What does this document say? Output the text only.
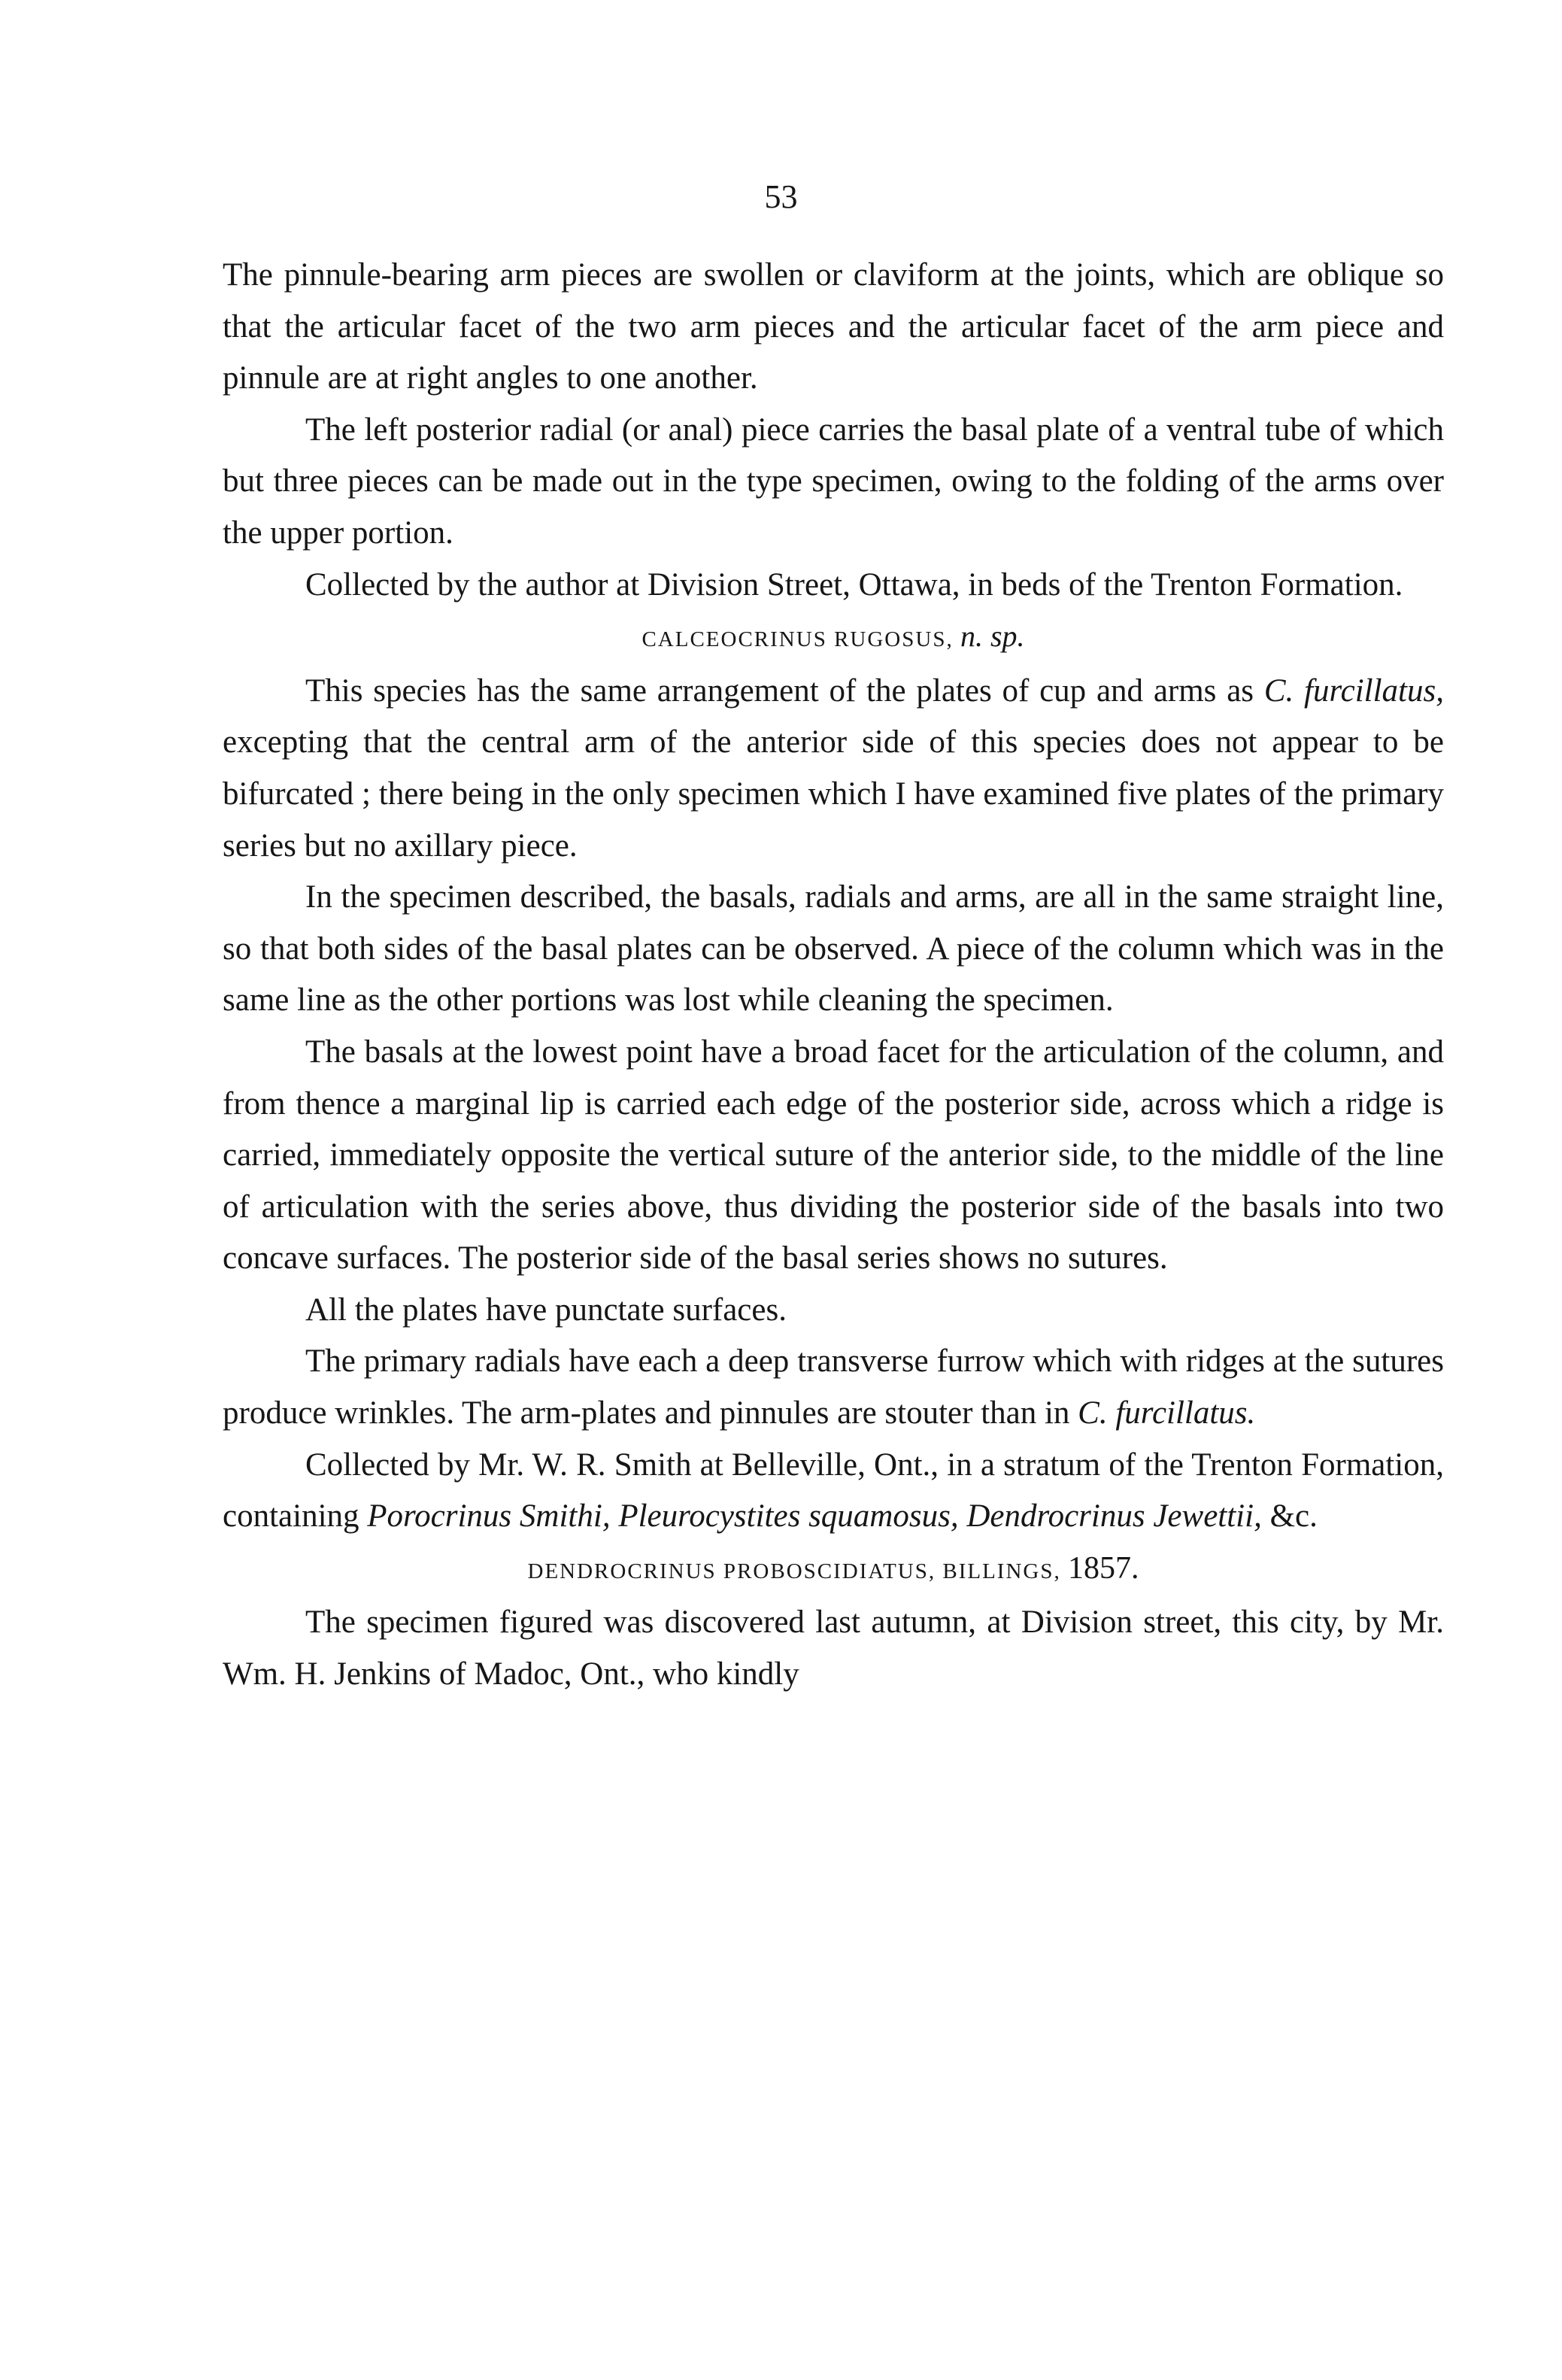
53

The pinnule-bearing arm pieces are swollen or claviform at the joints, which are oblique so that the articular facet of the two arm pieces and the articular facet of the arm piece and pinnule are at right angles to one another.

The left posterior radial (or anal) piece carries the basal plate of a ventral tube of which but three pieces can be made out in the type specimen, owing to the folding of the arms over the upper portion.

Collected by the author at Division Street, Ottawa, in beds of the Trenton Formation.

CALCEOCRINUS RUGOSUS, n. sp.

This species has the same arrangement of the plates of cup and arms as C. furcillatus, excepting that the central arm of the anterior side of this species does not appear to be bifurcated ; there being in the only specimen which I have examined five plates of the primary series but no axillary piece.

In the specimen described, the basals, radials and arms, are all in the same straight line, so that both sides of the basal plates can be observed. A piece of the column which was in the same line as the other portions was lost while cleaning the specimen.

The basals at the lowest point have a broad facet for the articulation of the column, and from thence a marginal lip is carried each edge of the posterior side, across which a ridge is carried, immediately opposite the vertical suture of the anterior side, to the middle of the line of articulation with the series above, thus dividing the posterior side of the basals into two concave surfaces. The posterior side of the basal series shows no sutures.

All the plates have punctate surfaces.

The primary radials have each a deep transverse furrow which with ridges at the sutures produce wrinkles. The arm-plates and pinnules are stouter than in C. furcillatus.

Collected by Mr. W. R. Smith at Belleville, Ont., in a stratum of the Trenton Formation, containing Porocrinus Smithi, Pleurocystites squamosus, Dendrocrinus Jewettii, &c.

DENDROCRINUS PROBOSCIDIATUS, BILLINGS, 1857.

The specimen figured was discovered last autumn, at Division street, this city, by Mr. Wm. H. Jenkins of Madoc, Ont., who kindly
